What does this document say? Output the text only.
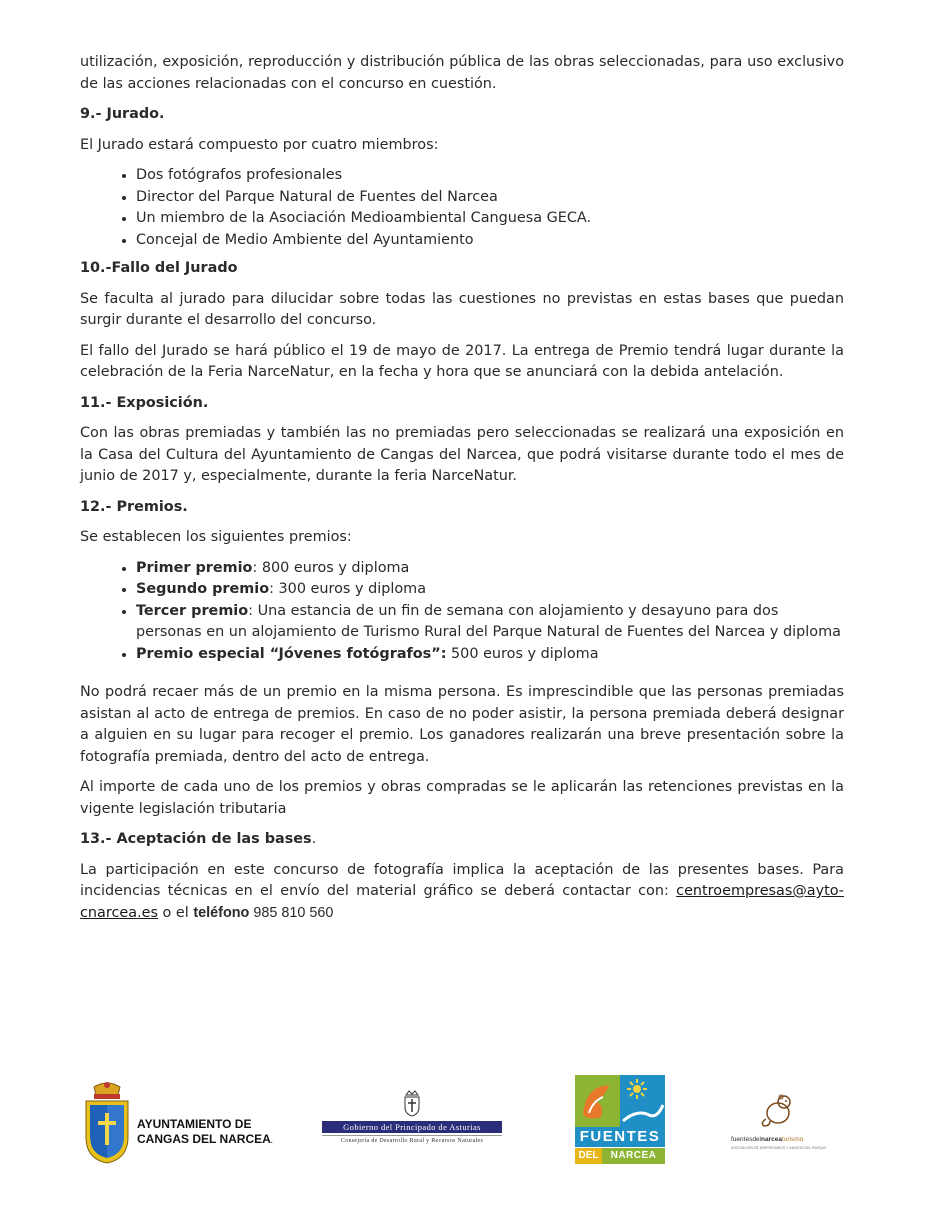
utilización, exposición, reproducción y distribución pública de las obras seleccionadas, para uso exclusivo de las acciones relacionadas con el concurso en cuestión.

9.- Jurado.

El Jurado estará compuesto por cuatro miembros:

• Dos fotógrafos profesionales
• Director del Parque Natural de Fuentes del Narcea
• Un miembro de la Asociación Medioambiental Canguesa GECA.
• Concejal de Medio Ambiente del Ayuntamiento
10.-Fallo del Jurado

Se faculta al jurado para dilucidar sobre todas las cuestiones no previstas en estas bases que puedan surgir durante el desarrollo del concurso.

El fallo del Jurado se hará público el 19 de mayo de 2017. La entrega de Premio tendrá lugar durante la celebración de la Feria NarceNatur, en la fecha y hora que se anunciará con la debida antelación.

11.- Exposición.

Con las obras premiadas y también las no premiadas pero seleccionadas se realizará una exposición en la Casa del Cultura del Ayuntamiento de Cangas del Narcea, que podrá visitarse durante todo el mes de junio de 2017 y, especialmente, durante la feria NarceNatur.

12.- Premios.

Se establecen los siguientes premios:

• Primer premio: 800 euros y diploma
• Segundo premio: 300 euros y diploma
• Tercer premio: Una estancia de un fin de semana con alojamiento y desayuno para dos personas en un alojamiento de Turismo Rural del Parque Natural de Fuentes del Narcea y diploma
• Premio especial “Jóvenes fotógrafos”: 500 euros y diploma

No podrá recaer más de un premio en la misma persona. Es imprescindible que las personas premiadas asistan al acto de entrega de premios. En caso de no poder asistir, la persona premiada deberá designar a alguien en su lugar para recoger el premio. Los ganadores realizarán una breve presentación sobre la fotografía premiada, dentro del acto de entrega.

Al importe de cada uno de los premios y obras compradas se le aplicarán las retenciones previstas en la vigente legislación tributaria

13.- Aceptación de las bases.

La participación en este concurso de fotografía implica la aceptación de las presentes bases. Para incidencias técnicas en el envío del material gráfico se deberá contactar con: centroempresas@ayto-cnarcea.es o el teléfono 985 810 560

AYUNTAMIENTO DE
CANGAS DEL NARCEA.
Gobierno del Principado de Asturias
Consejería de Desarrollo Rural y Recursos Naturales	FUENTES
DEL	NARCEA
fuentesdelnarceaturismo
ASOCIACIÓN DE EMPRESARIOS Y AMIGOS DEL PARQUE
